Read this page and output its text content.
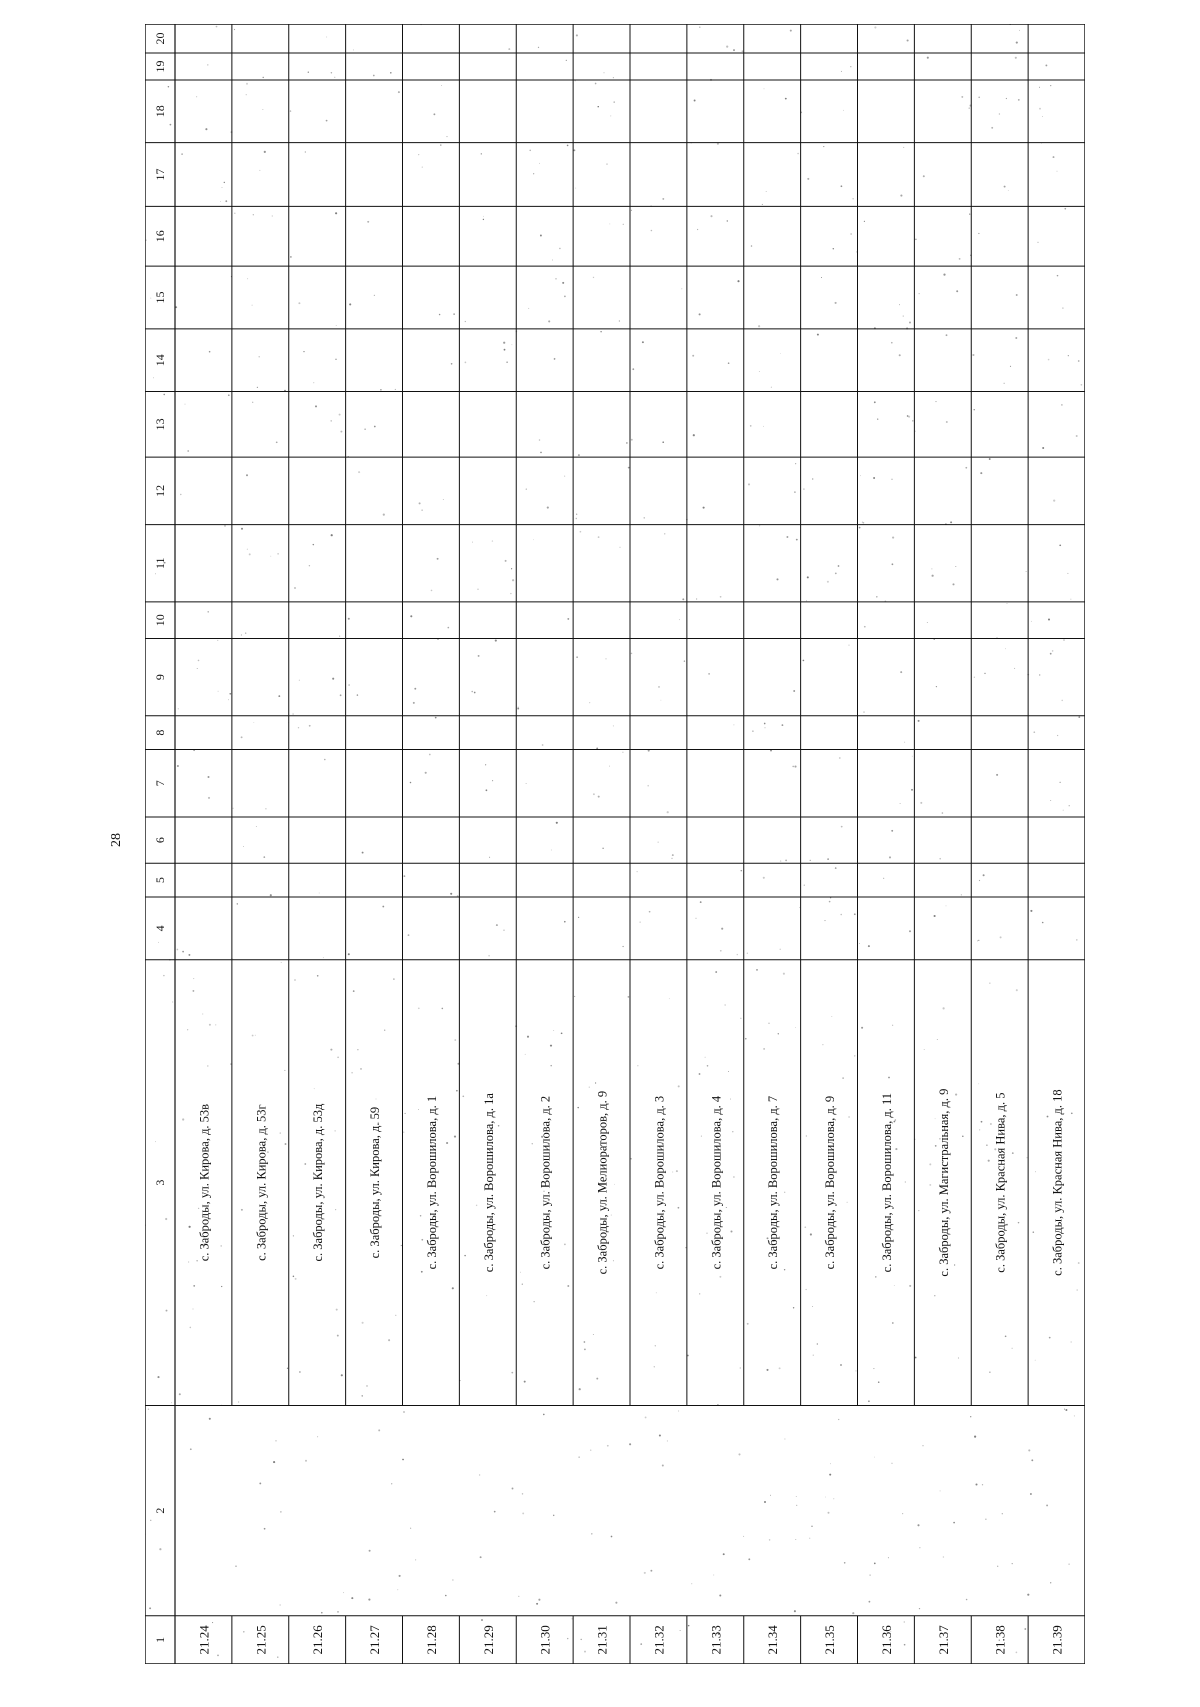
28
1
2
3
4
5
6
7
8
9
10
11
12
13
14
15
16
17
18
19
20
21.24
с. Заброды, ул. Кирова, д. 53в
21.25
с. Заброды, ул. Кирова, д. 53г
21.26
с. Заброды, ул. Кирова, д. 53д
21.27
с. Заброды, ул. Кирова, д. 59
21.28
с. Заброды, ул. Ворошилова, д. 1
21.29
с. Заброды, ул. Ворошилова, д. 1а
21.30
с. Заброды, ул. Ворошилова, д. 2
21.31
с. Заброды, ул. Мелиораторов, д. 9
21.32
с. Заброды, ул. Ворошилова, д. 3
21.33
с. Заброды, ул. Ворошилова, д. 4
21.34
с. Заброды, ул. Ворошилова, д. 7
21.35
с. Заброды, ул. Ворошилова, д. 9
21.36
с. Заброды, ул. Ворошилова, д. 11
21.37
с. Заброды, ул. Магистральная, д. 9
21.38
с. Заброды, ул. Красная Нива, д. 5
21.39
с. Заброды, ул. Красная Нива, д. 18
